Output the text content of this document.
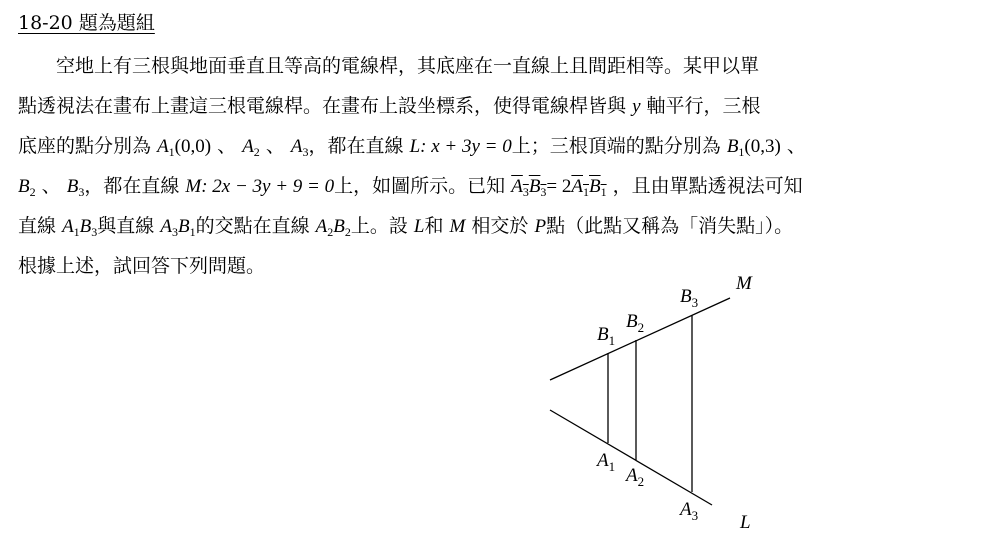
18-20 題為題組
空地上有三根與地面垂直且等高的電線桿，其底座在一直線上且間距相等。某甲以單
點透視法在畫布上畫這三根電線桿。在畫布上設坐標系，使得電線桿皆與 y 軸平行，三根
底座的點分別為 $A_1(0,0)$ 、 $A_2$ 、 $A_3$，都在直線 L: x + 3y = 0上；三根頂端的點分別為 $B_1(0,3)$ 、
$B_2$ 、 $B_3$，都在直線 M: 2x − 3y + 9 = 0上，如圖所示。已知 $A_3B_3= 2A_1B_1$ ，且由單點透視法可知
直線 $A_1B_3$與直線 $A_3B_1$的交點在直線 $A_2B_2$上。設 L和 M 相交於 P點（此點又稱為「消失點」）。
根據上述，試回答下列問題。
M
L
$B_3$
$B_2$
$B_1$
$A_1$ $A_2$
$A_3$
